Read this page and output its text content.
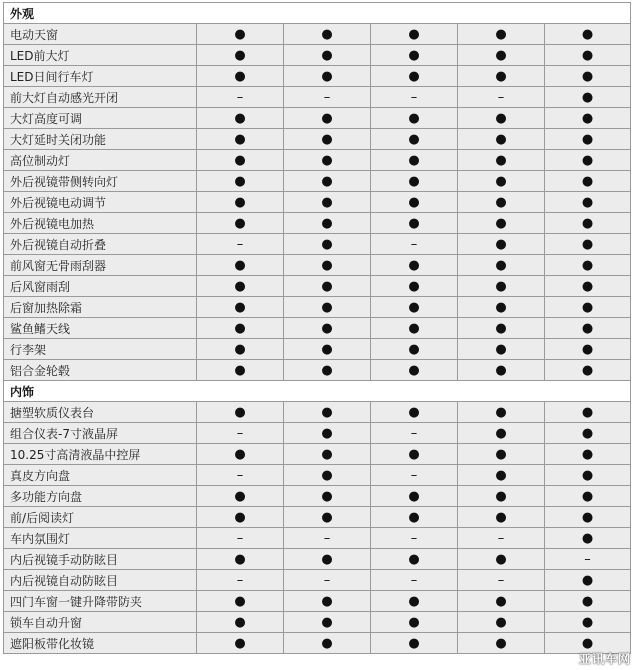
外观					
电动天窗	●	●	●	●	●
LED前大灯	●	●	●	●	●
LED日间行车灯	●	●	●	●	●
前大灯自动感光开闭	–	–	–	–	●
大灯高度可调	●	●	●	●	●
大灯延时关闭功能	●	●	●	●	●
高位制动灯	●	●	●	●	●
外后视镜带侧转向灯	●	●	●	●	●
外后视镜电动调节	●	●	●	●	●
外后视镜电加热	●	●	●	●	●
外后视镜自动折叠	–	●	–	●	●
前风窗无骨雨刮器	●	●	●	●	●
后风窗雨刮	●	●	●	●	●
后窗加热除霜	●	●	●	●	●
鲨鱼鳍天线	●	●	●	●	●
行李架	●	●	●	●	●
铝合金轮毂	●	●	●	●	●
内饰					
搪塑软质仪表台	●	●	●	●	●
组合仪表-7寸液晶屏	–	●	–	●	●
10.25寸高清液晶中控屏	●	●	●	●	●
真皮方向盘	–	●	–	●	●
多功能方向盘	●	●	●	●	●
前/后阅读灯	●	●	●	●	●
车内氛围灯	–	–	–	–	●
内后视镜手动防眩目	●	●	●	●	–
内后视镜自动防眩目	–	–	–	–	●
四门车窗一键升降带防夹	●	●	●	●	●
锁车自动升窗	●	●	●	●	●
遮阳板带化妆镜	●	●	●	●	●
亚讯车网
